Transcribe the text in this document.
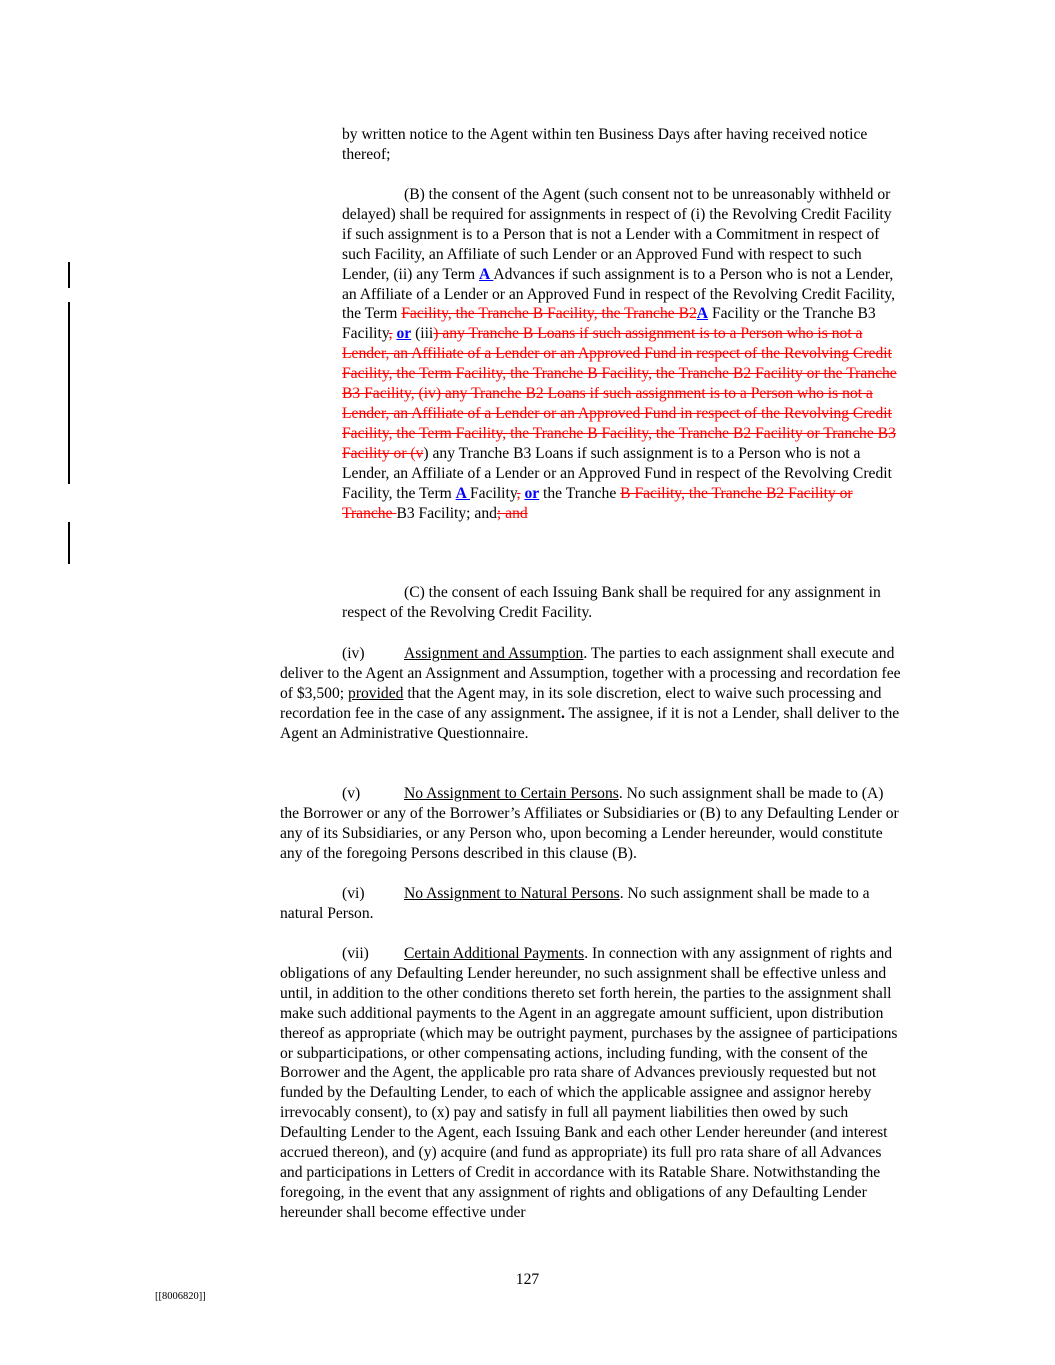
by written notice to the Agent within ten Business Days after having received notice thereof;

(B) the consent of the Agent (such consent not to be unreasonably withheld or delayed) shall be required for assignments in respect of (i) the Revolving Credit Facility if such assignment is to a Person that is not a Lender with a Commitment in respect of such Facility, an Affiliate of such Lender or an Approved Fund with respect to such Lender, (ii) any Term A Advances if such assignment is to a Person who is not a Lender, an Affiliate of a Lender or an Approved Fund in respect of the Revolving Credit Facility, the Term Facility, the Tranche B Facility, the Tranche B2A Facility or the Tranche B3 Facility, or (iii) any Tranche B Loans if such assignment is to a Person who is not a Lender, an Affiliate of a Lender or an Approved Fund in respect of the Revolving Credit Facility, the Term Facility, the Tranche B Facility, the Tranche B2 Facility or the Tranche B3 Facility, (iv) any Tranche B2 Loans if such assignment is to a Person who is not a Lender, an Affiliate of a Lender or an Approved Fund in respect of the Revolving Credit Facility, the Term Facility, the Tranche B Facility, the Tranche B2 Facility or Tranche B3 Facility or (v) any Tranche B3 Loans if such assignment is to a Person who is not a Lender, an Affiliate of a Lender or an Approved Fund in respect of the Revolving Credit Facility, the Term A Facility, or the Tranche B Facility, the Tranche B2 Facility or Tranche B3 Facility; and; and

(C) the consent of each Issuing Bank shall be required for any assignment in respect of the Revolving Credit Facility.

(iv)	Assignment and Assumption. The parties to each assignment shall execute and deliver to the Agent an Assignment and Assumption, together with a processing and recordation fee of $3,500; provided that the Agent may, in its sole discretion, elect to waive such processing and recordation fee in the case of any assignment. The assignee, if it is not a Lender, shall deliver to the Agent an Administrative Questionnaire.

(v)	No Assignment to Certain Persons. No such assignment shall be made to (A) the Borrower or any of the Borrower’s Affiliates or Subsidiaries or (B) to any Defaulting Lender or any of its Subsidiaries, or any Person who, upon becoming a Lender hereunder, would constitute any of the foregoing Persons described in this clause (B).

(vi)	No Assignment to Natural Persons. No such assignment shall be made to a natural Person.

(vii) Certain Additional Payments. In connection with any assignment of rights and obligations of any Defaulting Lender hereunder, no such assignment shall be effective unless and until, in addition to the other conditions thereto set forth herein, the parties to the assignment shall make such additional payments to the Agent in an aggregate amount sufficient, upon distribution thereof as appropriate (which may be outright payment, purchases by the assignee of participations or subparticipations, or other compensating actions, including funding, with the consent of the Borrower and the Agent, the applicable pro rata share of Advances previously requested but not funded by the Defaulting Lender, to each of which the applicable assignee and assignor hereby irrevocably consent), to (x) pay and satisfy in full all payment liabilities then owed by such Defaulting Lender to the Agent, each Issuing Bank and each other Lender hereunder (and interest accrued thereon), and (y) acquire (and fund as appropriate) its full pro rata share of all Advances and participations in Letters of Credit in accordance with its Ratable Share. Notwithstanding the foregoing, in the event that any assignment of rights and obligations of any Defaulting Lender hereunder shall become effective under

127
[[8006820]]
